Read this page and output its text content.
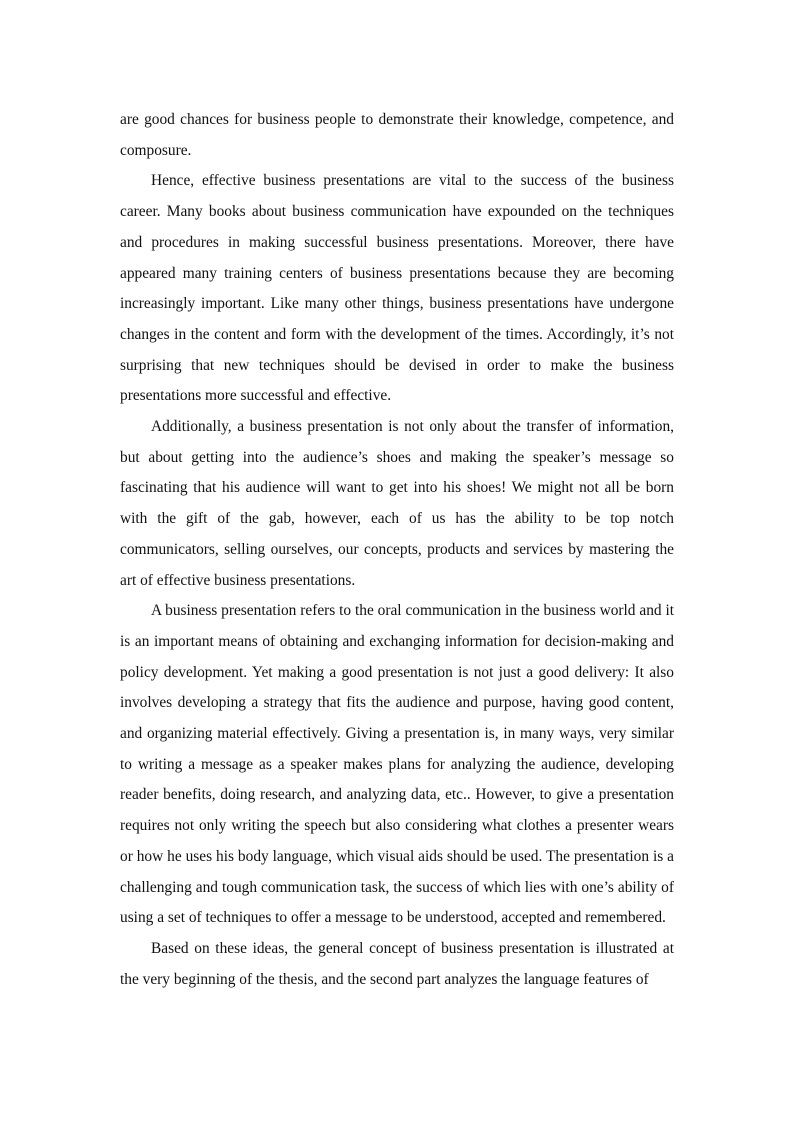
are good chances for business people to demonstrate their knowledge, competence, and composure.

Hence, effective business presentations are vital to the success of the business career. Many books about business communication have expounded on the techniques and procedures in making successful business presentations. Moreover, there have appeared many training centers of business presentations because they are becoming increasingly important. Like many other things, business presentations have undergone changes in the content and form with the development of the times. Accordingly, it’s not surprising that new techniques should be devised in order to make the business presentations more successful and effective.

Additionally, a business presentation is not only about the transfer of information, but about getting into the audience’s shoes and making the speaker’s message so fascinating that his audience will want to get into his shoes! We might not all be born with the gift of the gab, however, each of us has the ability to be top notch communicators, selling ourselves, our concepts, products and services by mastering the art of effective business presentations.

A business presentation refers to the oral communication in the business world and it is an important means of obtaining and exchanging information for decision-making and policy development. Yet making a good presentation is not just a good delivery: It also involves developing a strategy that fits the audience and purpose, having good content, and organizing material effectively. Giving a presentation is, in many ways, very similar to writing a message as a speaker makes plans for analyzing the audience, developing reader benefits, doing research, and analyzing data, etc.. However, to give a presentation requires not only writing the speech but also considering what clothes a presenter wears or how he uses his body language, which visual aids should be used. The presentation is a challenging and tough communication task, the success of which lies with one’s ability of using a set of techniques to offer a message to be understood, accepted and remembered.

Based on these ideas, the general concept of business presentation is illustrated at the very beginning of the thesis, and the second part analyzes the language features of
